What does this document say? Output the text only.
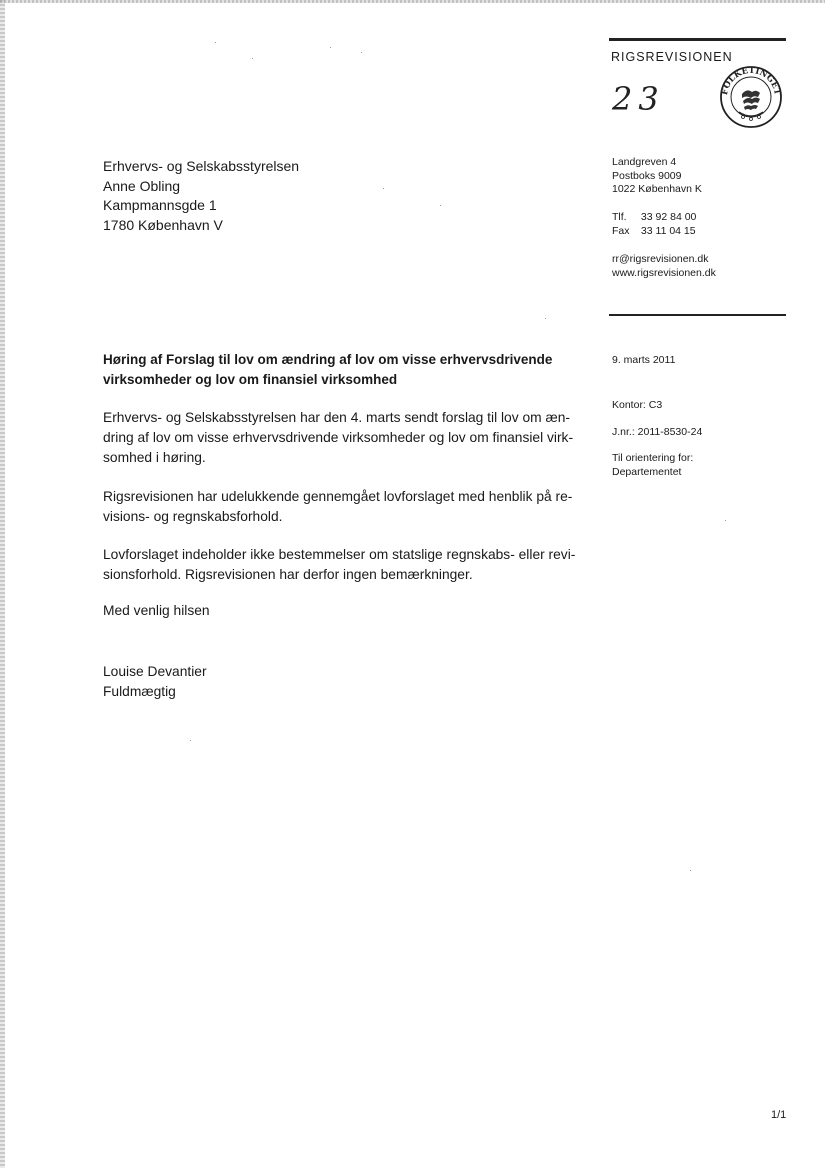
RIGSREVISIONEN
23	FOLKETINGET
Landgreven 4
Postboks 9009
1022 København K
Tlf. 33 92 84 00
Fax 33 11 04 15
rr@rigsrevisionen.dk
www.rigsrevisionen.dk
9. marts 2011
Kontor: C3
J.nr.: 2011-8530-24
Til orientering for:
Departementet
Erhvervs- og Selskabsstyrelsen
Anne Obling
Kampmannsgde 1
1780 København V
Høring af Forslag til lov om ændring af lov om visse erhvervsdrivende
virksomheder og lov om finansiel virksomhed
Erhvervs- og Selskabsstyrelsen har den 4. marts sendt forslag til lov om æn-
dring af lov om visse erhvervsdrivende virksomheder og lov om finansiel virk-
somhed i høring.
Rigsrevisionen har udelukkende gennemgået lovforslaget med henblik på re-
visions- og regnskabsforhold.
Lovforslaget indeholder ikke bestemmelser om statslige regnskabs- eller revi-
sionsforhold. Rigsrevisionen har derfor ingen bemærkninger.
Med venlig hilsen
Louise Devantier
Fuldmægtig
1/1
